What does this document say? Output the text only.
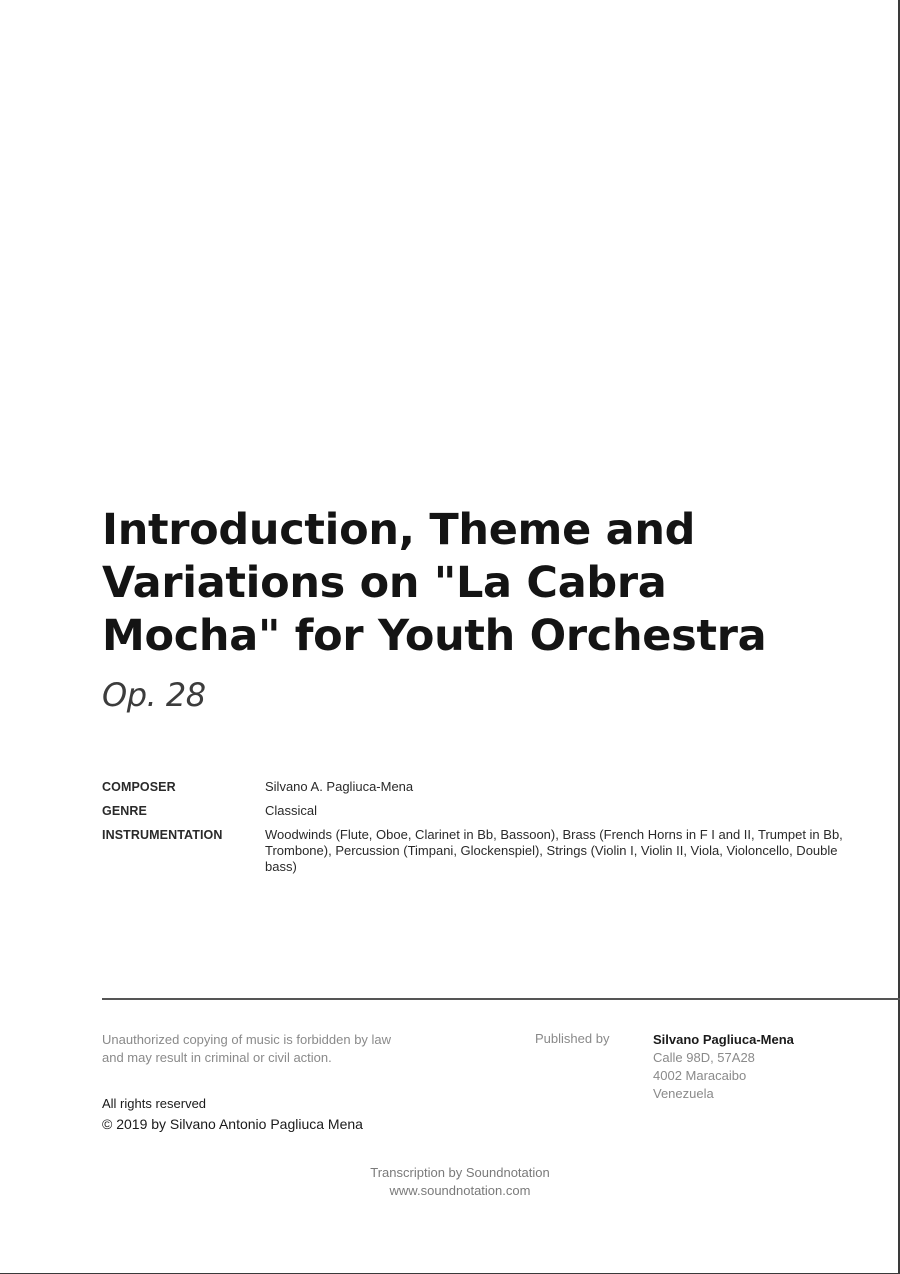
Introduction, Theme and Variations on "La Cabra Mocha" for Youth Orchestra
Op. 28
COMPOSER	Silvano A. Pagliuca-Mena
GENRE	Classical
INSTRUMENTATION	Woodwinds (Flute, Oboe, Clarinet in Bb, Bassoon), Brass (French Horns in F I and II, Trumpet in Bb, Trombone), Percussion (Timpani, Glockenspiel), Strings (Violin I, Violin II, Viola, Violoncello, Double bass)
Unauthorized copying of music is forbidden by law
and may result in criminal or civil action.
All rights reserved
© 2019 by Silvano Antonio Pagliuca Mena
Published by	Silvano Pagliuca-Mena
Calle 98D, 57A28
4002 Maracaibo
Venezuela
Transcription by Soundnotation
www.soundnotation.com
